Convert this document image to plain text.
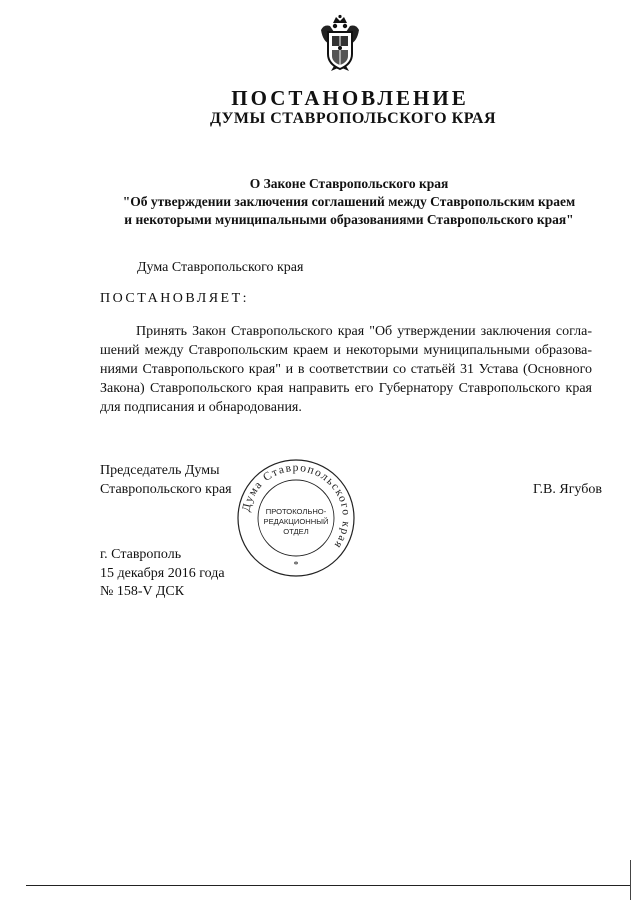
ПОСТАНОВЛЕНИЕ
ДУМЫ СТАВРОПОЛЬСКОГО КРАЯ
О Законе Ставропольского края
"Об утверждении заключения соглашений между Ставропольским краем
и некоторыми муниципальными образованиями Ставропольского края"
Дума Ставропольского края
ПОСТАНОВЛЯЕТ:
Принять Закон Ставропольского края "Об утверждении заключения согла-
шений между Ставропольским краем и некоторыми муниципальными образова-
ниями Ставропольского края" и в соответствии со статьёй 31 Устава (Основного
Закона) Ставропольского края направить его Губернатору Ставропольского края
для подписания и обнародования.
Председатель Думы
Ставропольского края	Г.В. Ягубов
Дума Ставропольского края
ПРОТОКОЛЬНО-
РЕДАКЦИОННЫЙ
ОТДЕЛ
*
г. Ставрополь
15 декабря 2016 года
№ 158-V ДСК
